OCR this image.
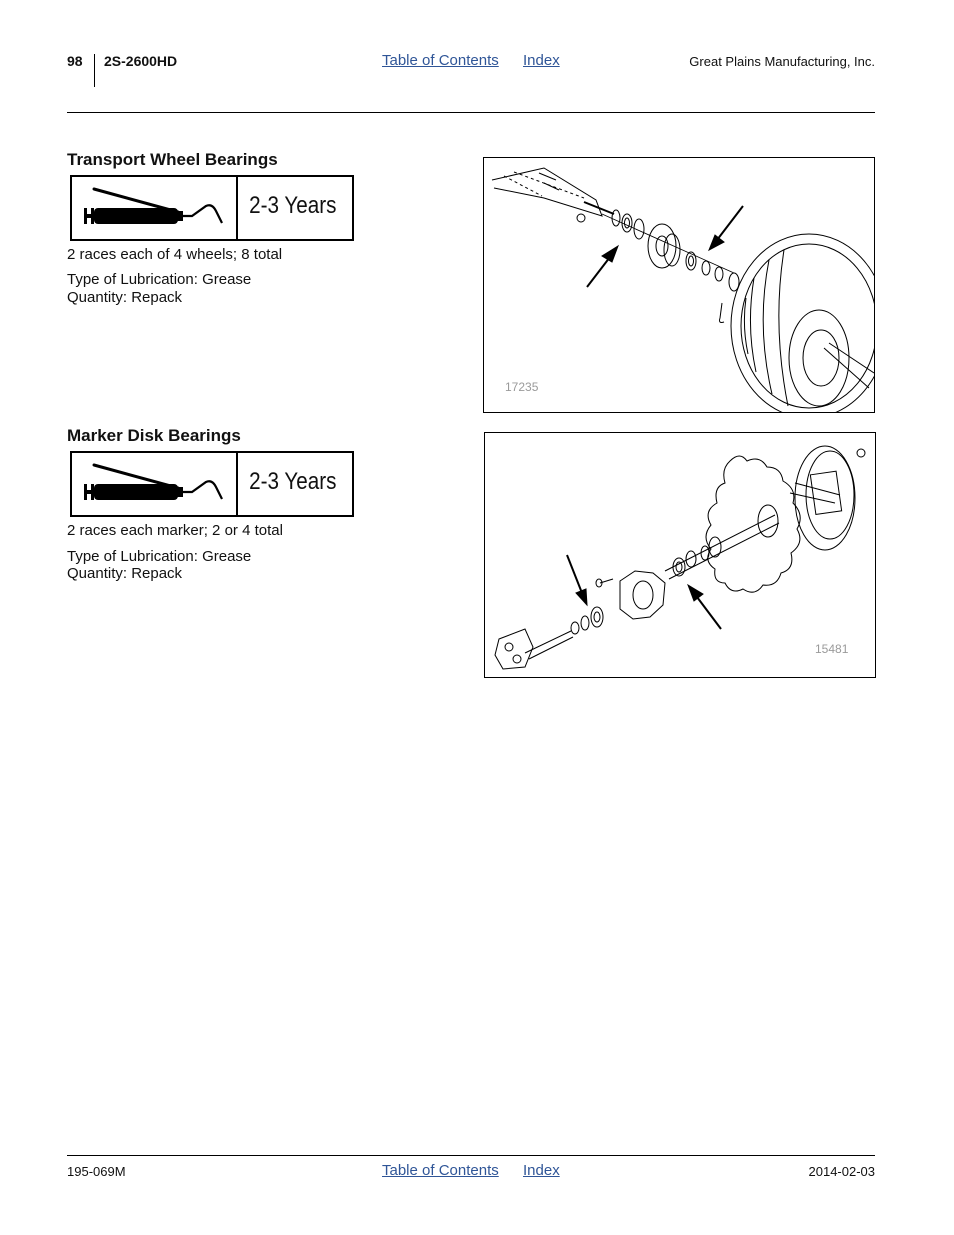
98 2S-2600HD	Table of Contents Index	Great Plains Manufacturing, Inc.
Transport Wheel Bearings
2-3 Years
2 races each of 4 wheels; 8 total
Type of Lubrication: Grease
Quantity: Repack
17235
Marker Disk Bearings
2-3 Years
2 races each marker; 2 or 4 total
Type of Lubrication: Grease
Quantity: Repack
15481
195-069M	Table of Contents Index	2014-02-03
